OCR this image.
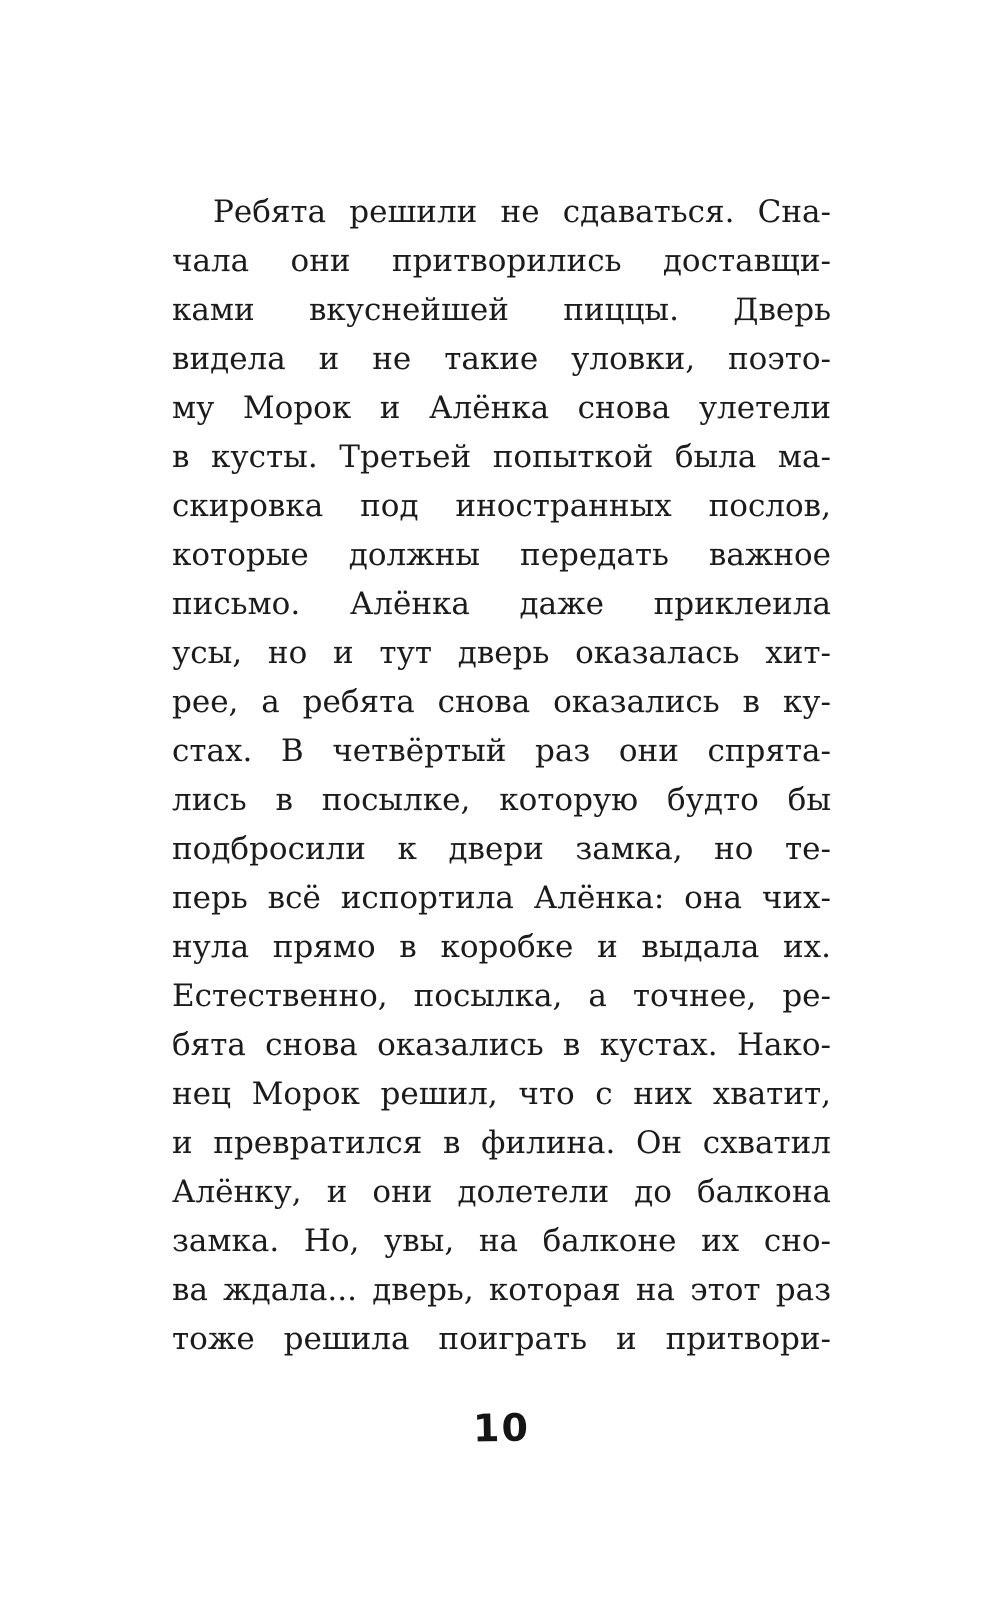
Ребята решили не сдаваться. Сна-
чала они притворились доставщи-
ками вкуснейшей пиццы. Дверь
видела и не такие уловки, поэто-
му Морок и Алёнка снова улетели
в кусты. Третьей попыткой была ма-
скировка под иностранных послов,
которые должны передать важное
письмо. Алёнка даже приклеила
усы, но и тут дверь оказалась хит-
рее, а ребята снова оказались в ку-
стах. В четвёртый раз они спрята-
лись в посылке, которую будто бы
подбросили к двери замка, но те-
перь всё испортила Алёнка: она чих-
нула прямо в коробке и выдала их.
Естественно, посылка, а точнее, ре-
бята снова оказались в кустах. Нако-
нец Морок решил, что с них хватит,
и превратился в филина. Он схватил
Алёнку, и они долетели до балкона
замка. Но, увы, на балконе их сно-
ва ждала... дверь, которая на этот раз
тоже решила поиграть и притвори-
10
